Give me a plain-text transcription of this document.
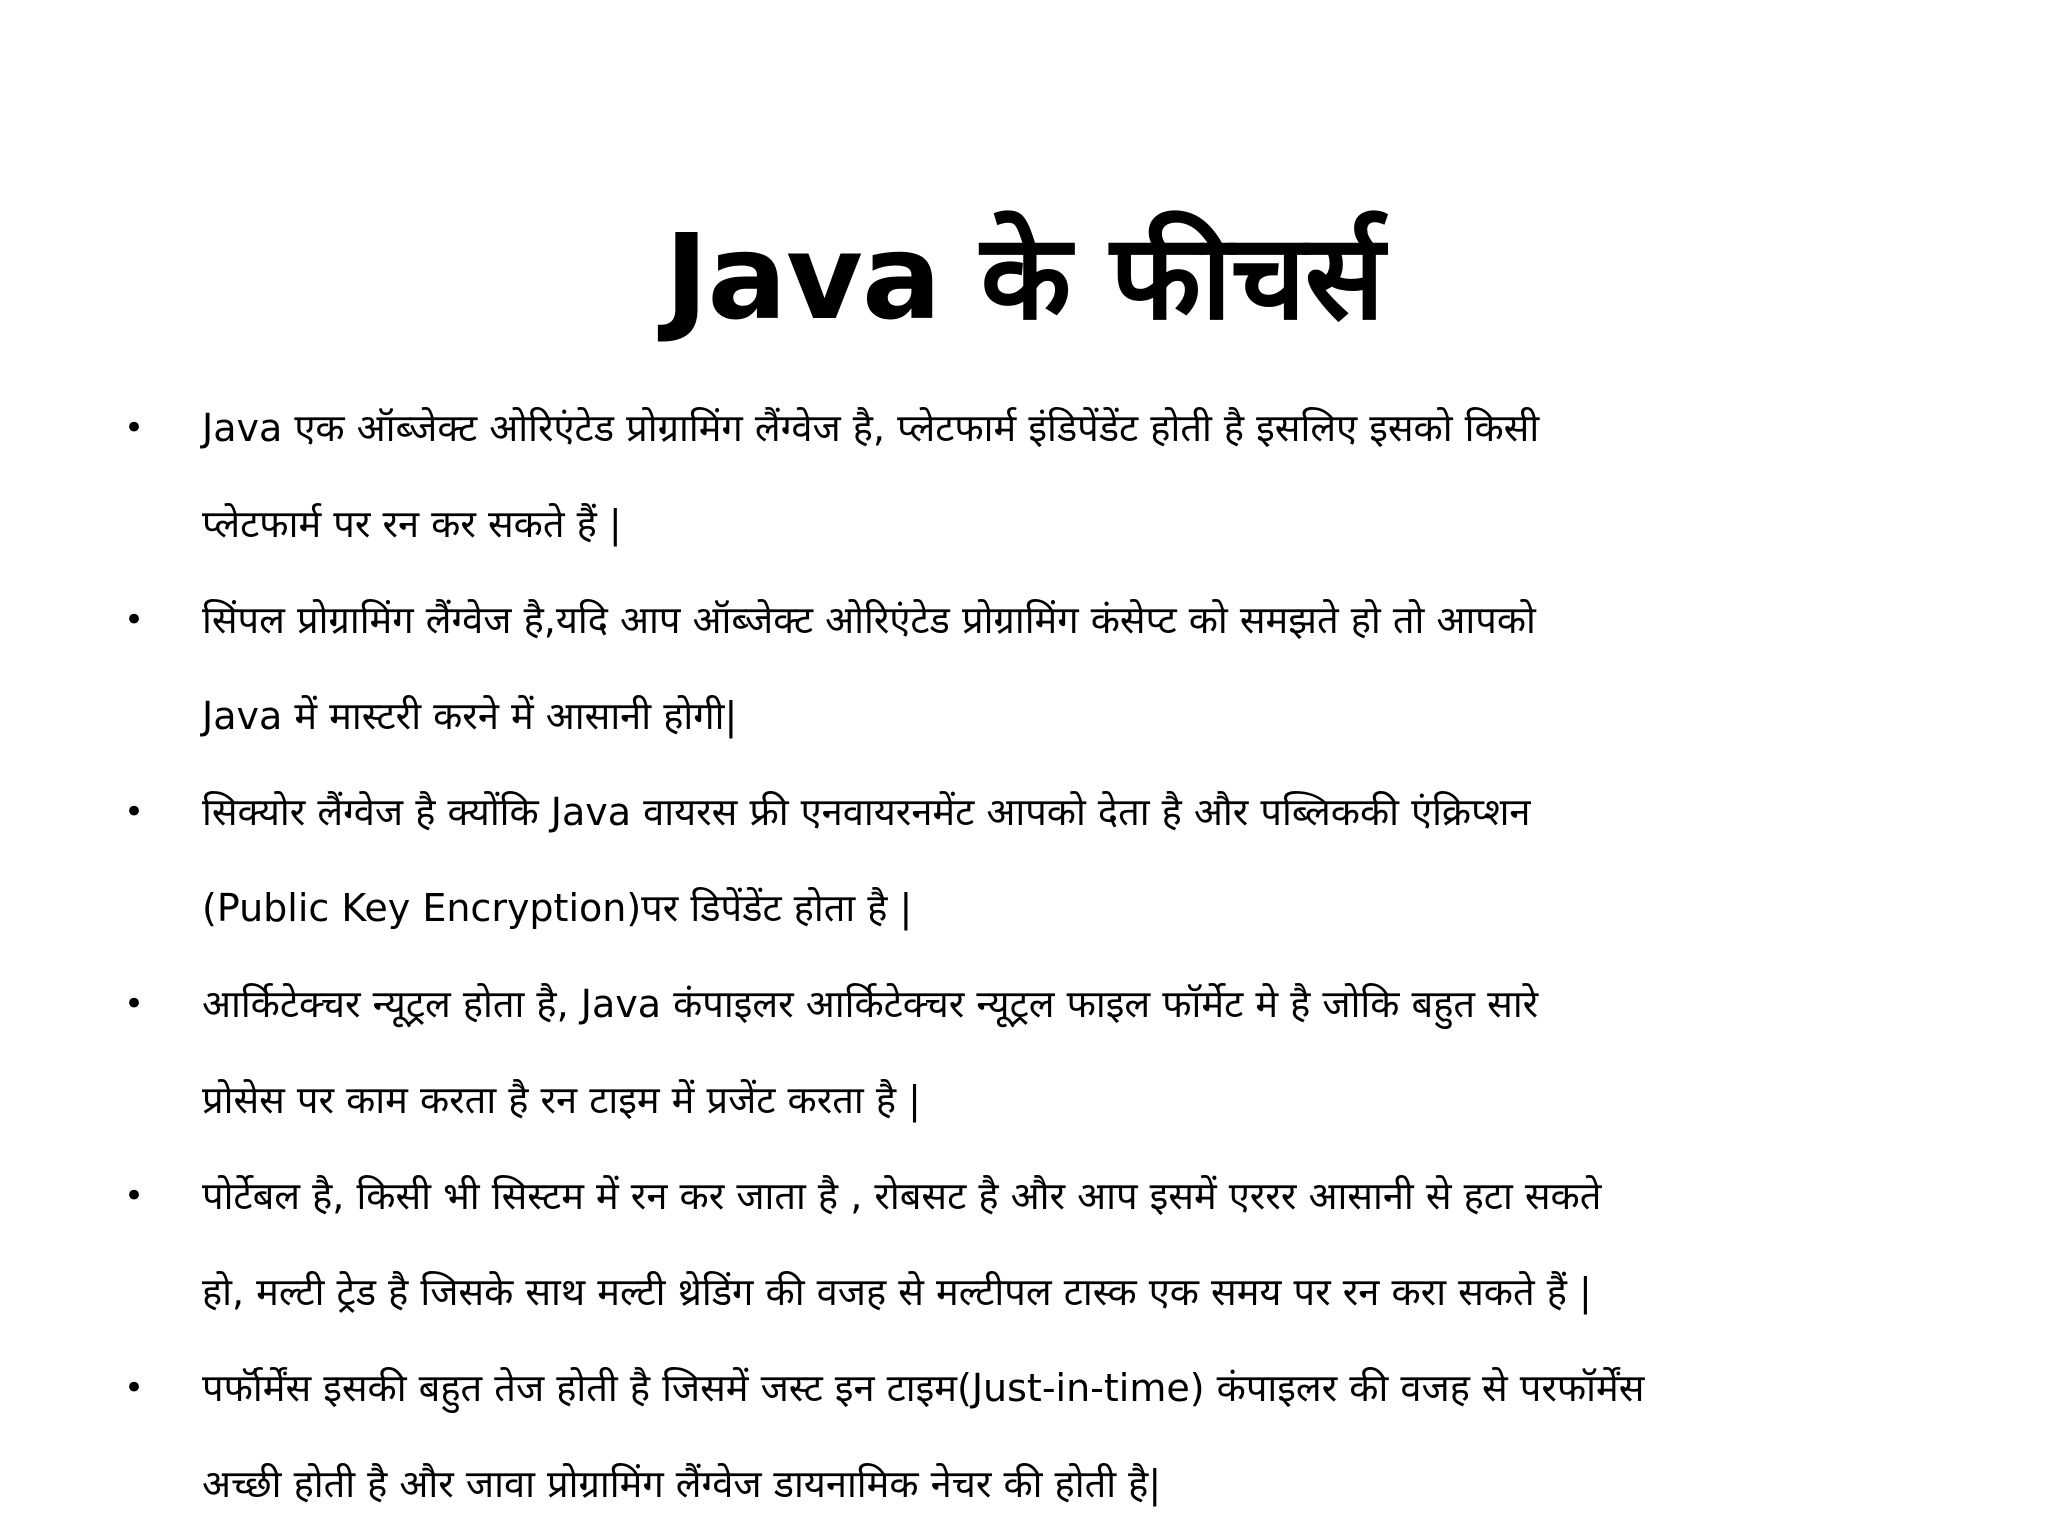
Java के फीचर्स
• Java एक ऑब्जेक्ट ओरिएंटेड प्रोग्रामिंग लैंग्वेज है, प्लेटफार्म इंडिपेंडेंट होती है इसलिए इसको किसी
प्लेटफार्म पर रन कर सकते हैं |
• सिंपल प्रोग्रामिंग लैंग्वेज है,यदि आप ऑब्जेक्ट ओरिएंटेड प्रोग्रामिंग कंसेप्ट को समझते हो तो आपको
Java में मास्टरी करने में आसानी होगी|
• सिक्योर लैंग्वेज है क्योंकि Java वायरस फ्री एनवायरनमेंट आपको देता है और पब्लिककी एंक्रिप्शन
(Public Key Encryption)पर डिपेंडेंट होता है |
• आर्किटेक्चर न्यूट्रल होता है, Java कंपाइलर आर्किटेक्चर न्यूट्रल फाइल फॉर्मेट मे है जोकि बहुत सारे
प्रोसेस पर काम करता है रन टाइम में प्रजेंट करता है |
• पोर्टेबल है, किसी भी सिस्टम में रन कर जाता है , रोबसट है और आप इसमें एररर आसानी से हटा सकते
हो, मल्टी ट्रेड है जिसके साथ मल्टी थ्रेडिंग की वजह से मल्टीपल टास्क एक समय पर रन करा सकते हैं |
• पर्फॉर्मेंस इसकी बहुत तेज होती है जिसमें जस्ट इन टाइम(Just-in-time) कंपाइलर की वजह से परफॉर्मेंस
अच्छी होती है और जावा प्रोग्रामिंग लैंग्वेज डायनामिक नेचर की होती है|
